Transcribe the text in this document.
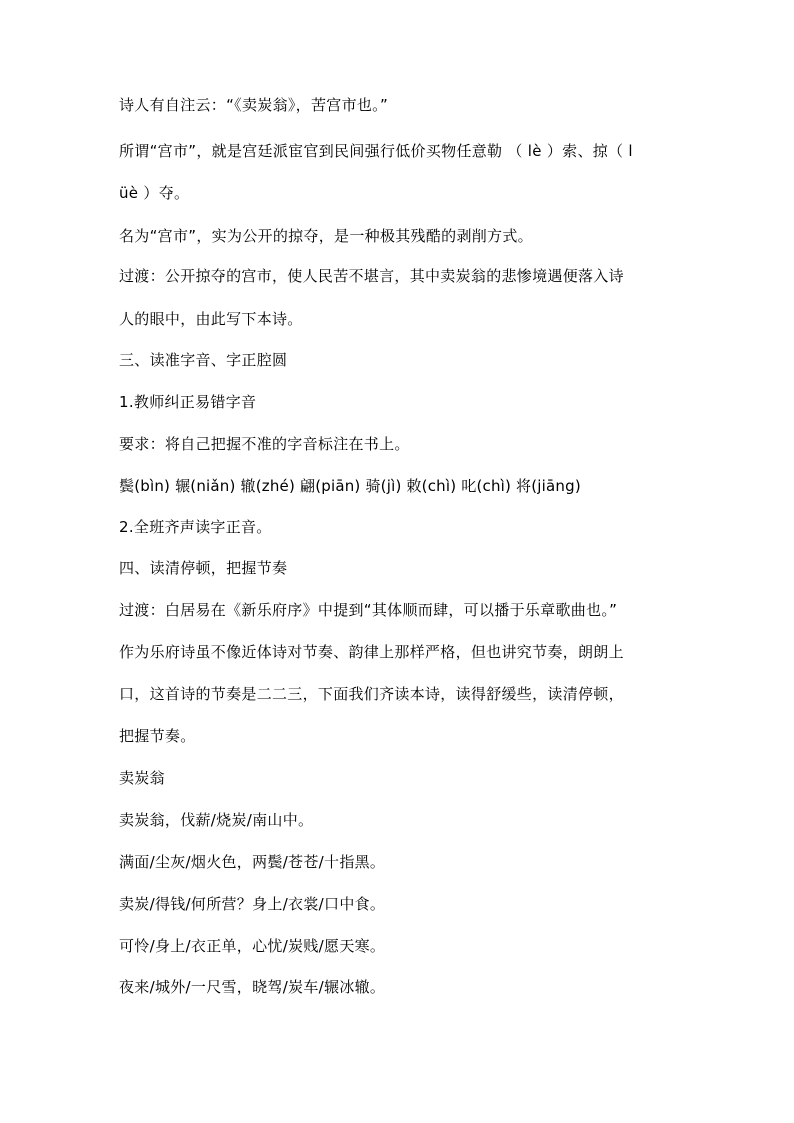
诗人有自注云：“《卖炭翁》，苦宫市也。”
所谓“宫市”，就是宫廷派宦官到民间强行低价买物任意勒 （ lè ）索、掠（ l
üè ）夺。
名为“宫市”，实为公开的掠夺，是一种极其残酷的剥削方式。
过渡：公开掠夺的宫市，使人民苦不堪言，其中卖炭翁的悲惨境遇便落入诗
人的眼中，由此写下本诗。
三、读准字音、字正腔圆
1.教师纠正易错字音
要求：将自己把握不准的字音标注在书上。
鬓(bìn) 辗(niǎn) 辙(zhé) 翩(piān) 骑(jì) 敕(chì) 叱(chì) 将(jiāng)
2.全班齐声读字正音。
四、读清停顿，把握节奏
过渡：白居易在《新乐府序》中提到“其体顺而肆，可以播于乐章歌曲也。”
作为乐府诗虽不像近体诗对节奏、韵律上那样严格，但也讲究节奏，朗朗上
口，这首诗的节奏是二二三，下面我们齐读本诗，读得舒缓些，读清停顿，
把握节奏。
卖炭翁
卖炭翁，伐薪/烧炭/南山中。
满面/尘灰/烟火色，两鬓/苍苍/十指黑。
卖炭/得钱/何所营？身上/衣裳/口中食。
可怜/身上/衣正单，心忧/炭贱/愿天寒。
夜来/城外/一尺雪，晓驾/炭车/辗冰辙。
